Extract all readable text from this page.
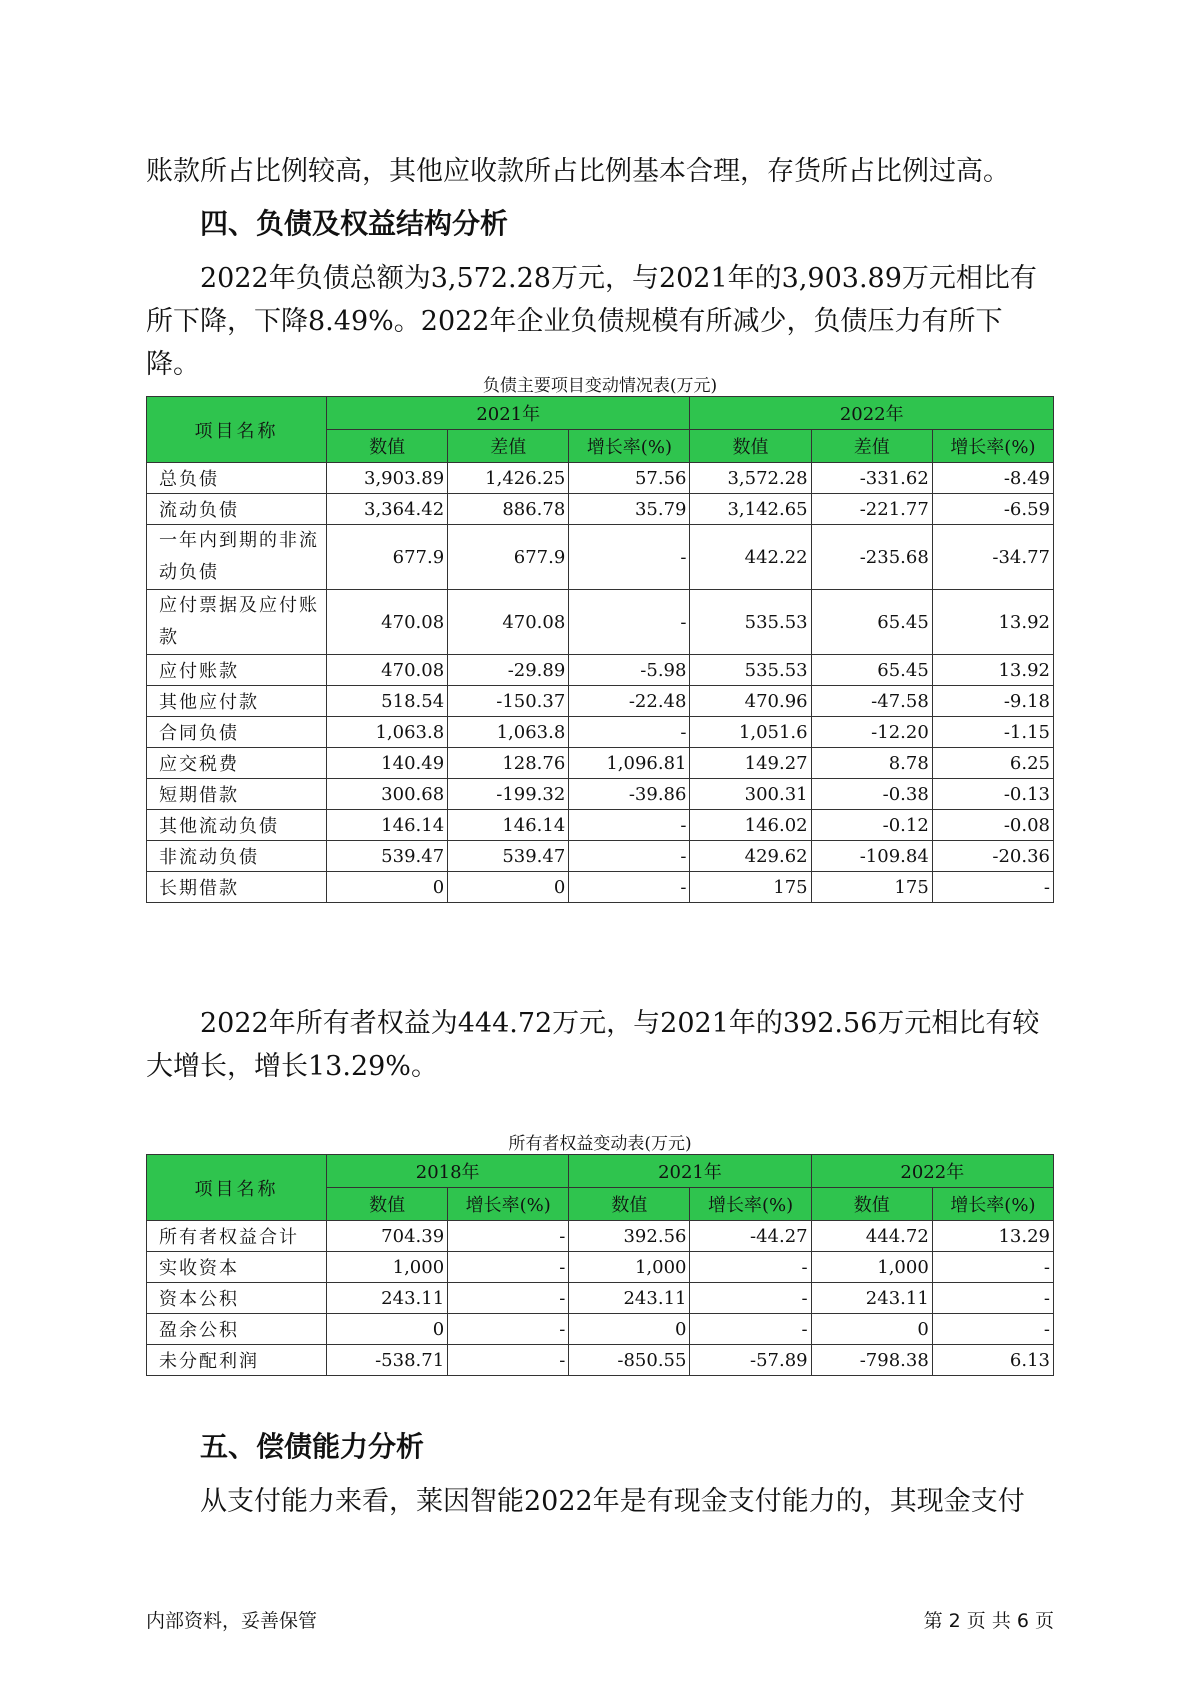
账款所占比例较高，其他应收款所占比例基本合理，存货所占比例过高。

四、负债及权益结构分析

2022年负债总额为3,572.28万元，与2021年的3,903.89万元相比有所下降，下降8.49%。2022年企业负债规模有所减少，负债压力有所下降。

负债主要项目变动情况表(万元)

项目名称	2021年			2022年		
	数值	差值	增长率(%)	数值	差值	增长率(%)
总负债	3,903.89	1,426.25	57.56	3,572.28	-331.62	-8.49
流动负债	3,364.42	886.78	35.79	3,142.65	-221.77	-6.59
一年内到期的非流动负债	677.9	677.9	-	442.22	-235.68	-34.77
应付票据及应付账款	470.08	470.08	-	535.53	65.45	13.92
应付账款	470.08	-29.89	-5.98	535.53	65.45	13.92
其他应付款	518.54	-150.37	-22.48	470.96	-47.58	-9.18
合同负债	1,063.8	1,063.8	-	1,051.6	-12.20	-1.15
应交税费	140.49	128.76	1,096.81	149.27	8.78	6.25
短期借款	300.68	-199.32	-39.86	300.31	-0.38	-0.13
其他流动负债	146.14	146.14	-	146.02	-0.12	-0.08
非流动负债	539.47	539.47	-	429.62	-109.84	-20.36
长期借款	0	0	-	175	175	-

2022年所有者权益为444.72万元，与2021年的392.56万元相比有较大增长，增长13.29%。

所有者权益变动表(万元)

项目名称	2018年		2021年		2022年	
	数值	增长率(%)	数值	增长率(%)	数值	增长率(%)
所有者权益合计	704.39	-	392.56	-44.27	444.72	13.29
实收资本	1,000	-	1,000	-	1,000	-
资本公积	243.11	-	243.11	-	243.11	-
盈余公积	0	-	0	-	0	-
未分配利润	-538.71	-	-850.55	-57.89	-798.38	6.13
五、偿债能力分析

从支付能力来看，莱因智能2022年是有现金支付能力的，其现金支付

内部资料，妥善保管	第 2 页 共 6 页
